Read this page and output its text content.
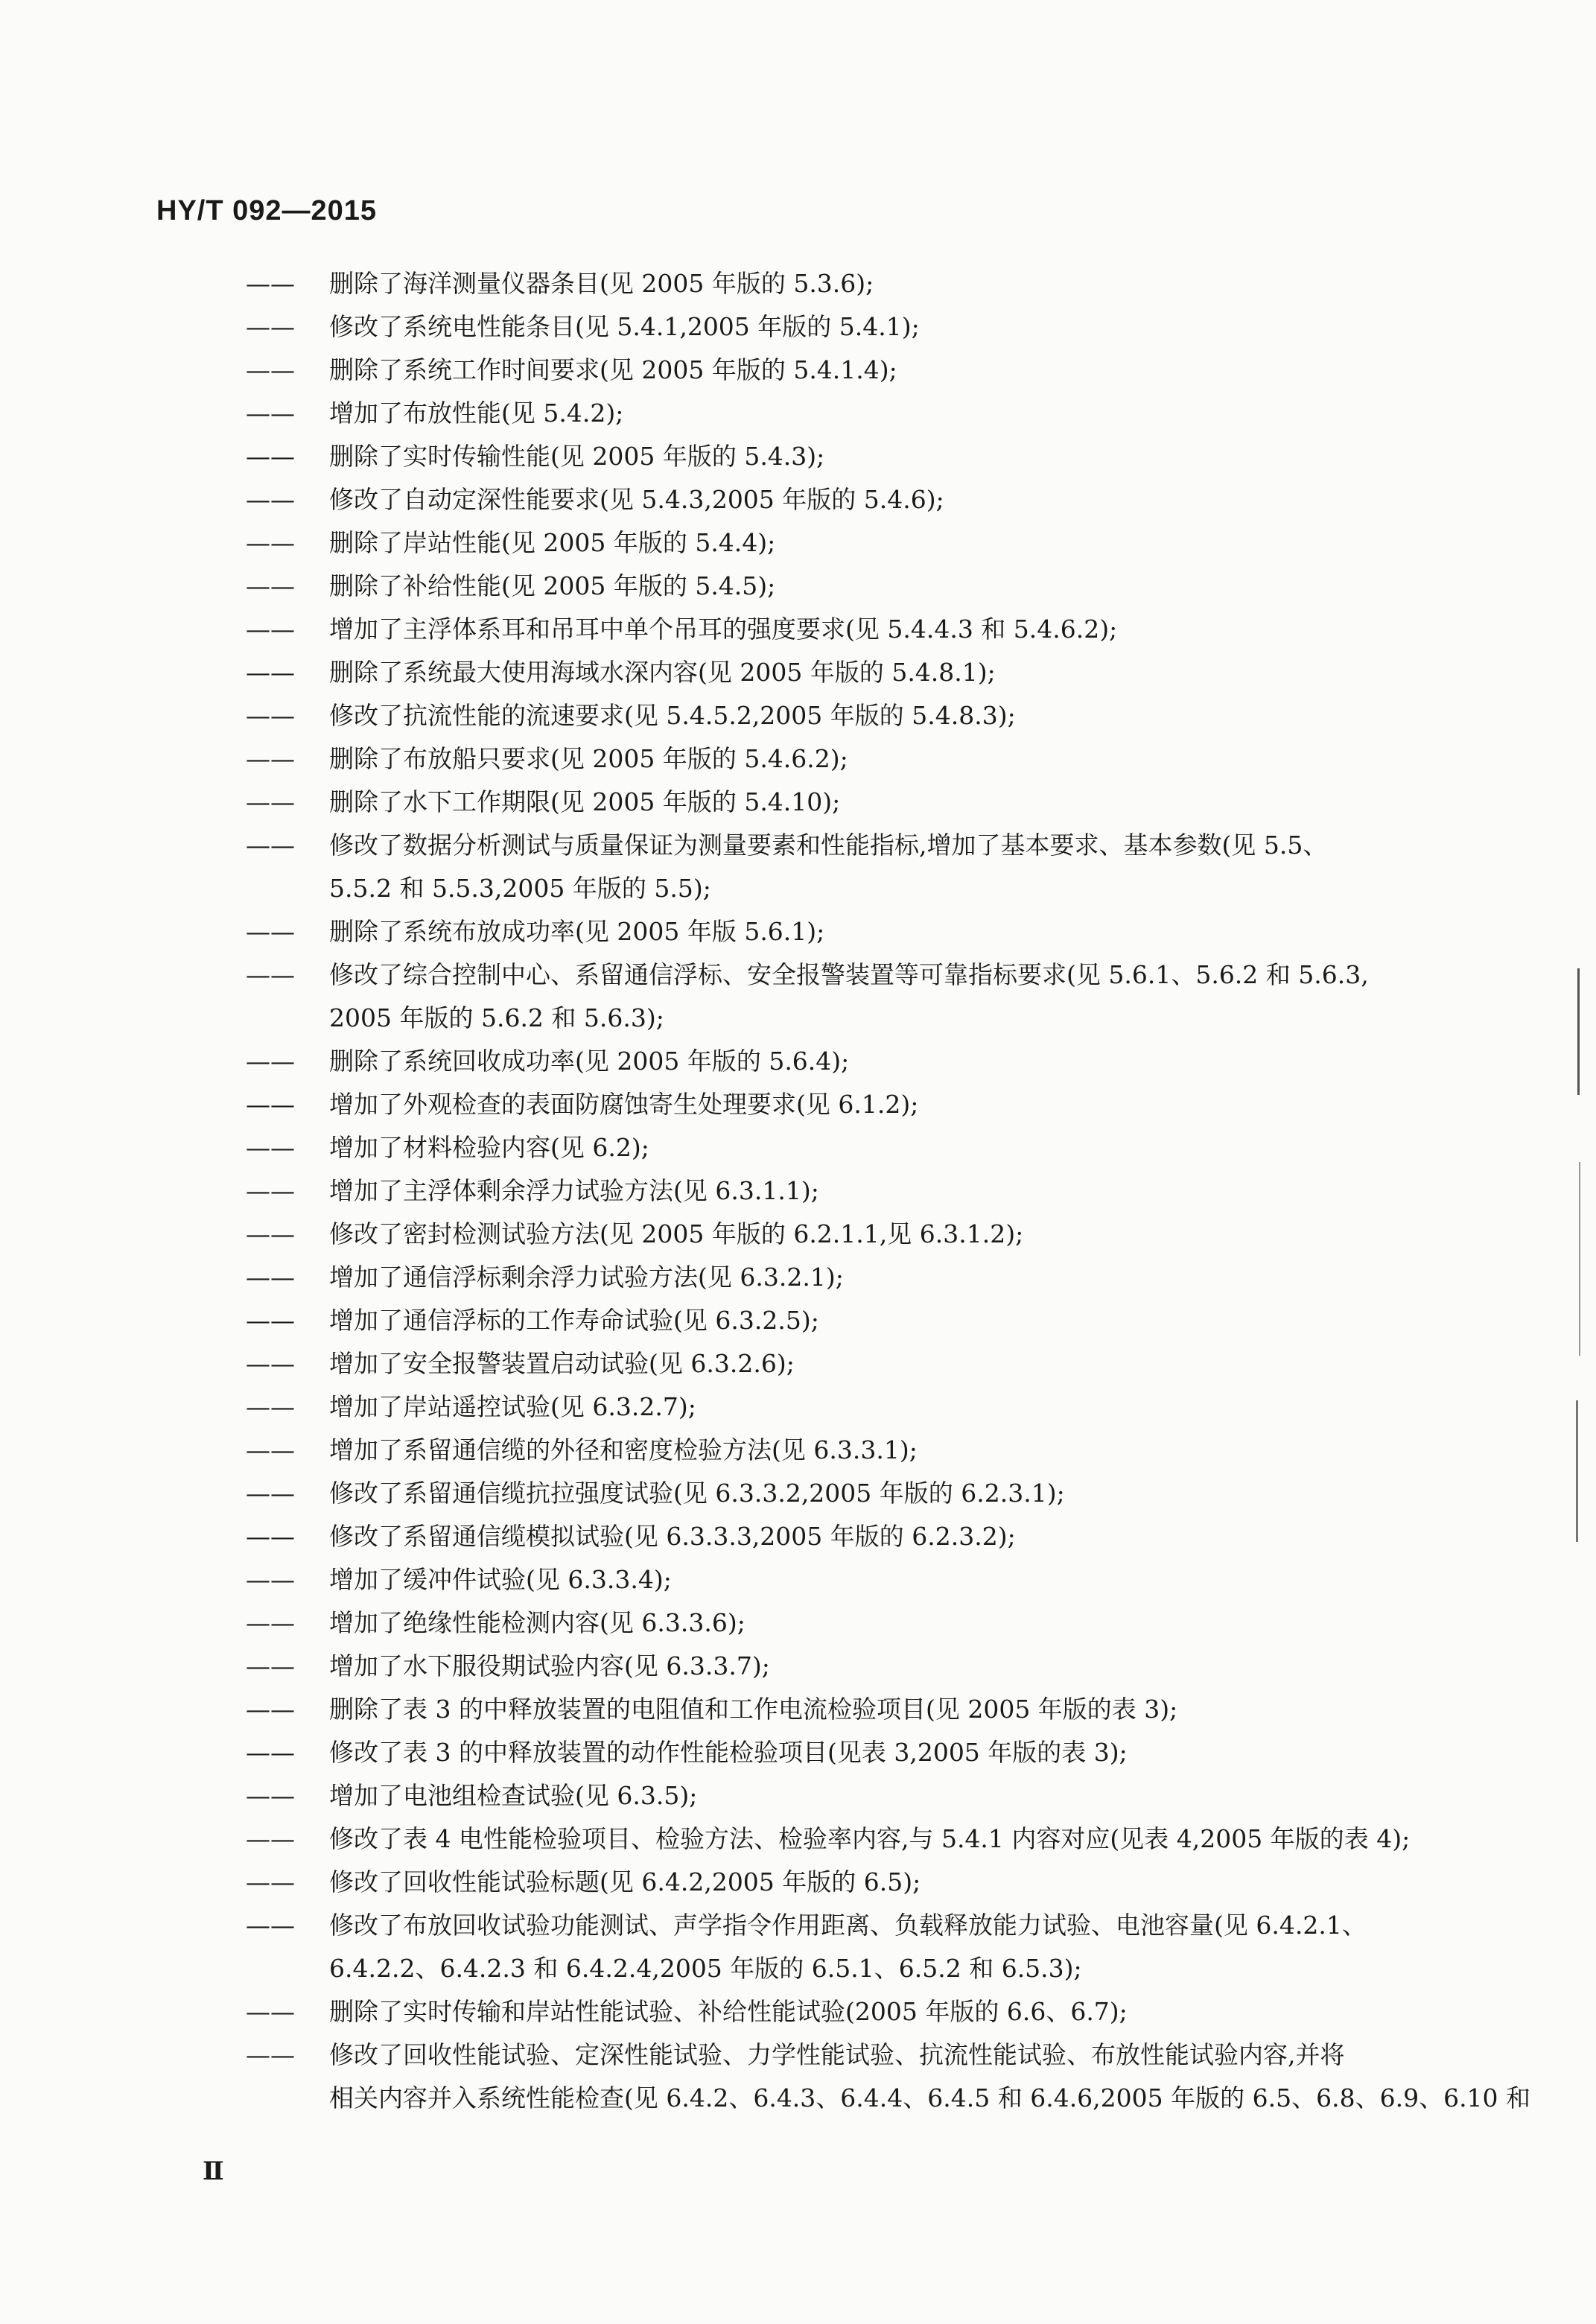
HY/T 092—2015
—— 删除了海洋测量仪器条目(见 2005 年版的 5.3.6);
—— 修改了系统电性能条目(见 5.4.1,2005 年版的 5.4.1);
—— 删除了系统工作时间要求(见 2005 年版的 5.4.1.4);
—— 增加了布放性能(见 5.4.2);
—— 删除了实时传输性能(见 2005 年版的 5.4.3);
—— 修改了自动定深性能要求(见 5.4.3,2005 年版的 5.4.6);
—— 删除了岸站性能(见 2005 年版的 5.4.4);
—— 删除了补给性能(见 2005 年版的 5.4.5);
—— 增加了主浮体系耳和吊耳中单个吊耳的强度要求(见 5.4.4.3 和 5.4.6.2);
—— 删除了系统最大使用海域水深内容(见 2005 年版的 5.4.8.1);
—— 修改了抗流性能的流速要求(见 5.4.5.2,2005 年版的 5.4.8.3);
—— 删除了布放船只要求(见 2005 年版的 5.4.6.2);
—— 删除了水下工作期限(见 2005 年版的 5.4.10);
—— 修改了数据分析测试与质量保证为测量要素和性能指标,增加了基本要求、基本参数(见 5.5、
5.5.2 和 5.5.3,2005 年版的 5.5);
—— 删除了系统布放成功率(见 2005 年版 5.6.1);
—— 修改了综合控制中心、系留通信浮标、安全报警装置等可靠指标要求(见 5.6.1、5.6.2 和 5.6.3,
2005 年版的 5.6.2 和 5.6.3);
—— 删除了系统回收成功率(见 2005 年版的 5.6.4);
—— 增加了外观检查的表面防腐蚀寄生处理要求(见 6.1.2);
—— 增加了材料检验内容(见 6.2);
—— 增加了主浮体剩余浮力试验方法(见 6.3.1.1);
—— 修改了密封检测试验方法(见 2005 年版的 6.2.1.1,见 6.3.1.2);
—— 增加了通信浮标剩余浮力试验方法(见 6.3.2.1);
—— 增加了通信浮标的工作寿命试验(见 6.3.2.5);
—— 增加了安全报警装置启动试验(见 6.3.2.6);
—— 增加了岸站遥控试验(见 6.3.2.7);
—— 增加了系留通信缆的外径和密度检验方法(见 6.3.3.1);
—— 修改了系留通信缆抗拉强度试验(见 6.3.3.2,2005 年版的 6.2.3.1);
—— 修改了系留通信缆模拟试验(见 6.3.3.3,2005 年版的 6.2.3.2);
—— 增加了缓冲件试验(见 6.3.3.4);
—— 增加了绝缘性能检测内容(见 6.3.3.6);
—— 增加了水下服役期试验内容(见 6.3.3.7);
—— 删除了表 3 的中释放装置的电阻值和工作电流检验项目(见 2005 年版的表 3);
—— 修改了表 3 的中释放装置的动作性能检验项目(见表 3,2005 年版的表 3);
—— 增加了电池组检查试验(见 6.3.5);
—— 修改了表 4 电性能检验项目、检验方法、检验率内容,与 5.4.1 内容对应(见表 4,2005 年版的表 4);
—— 修改了回收性能试验标题(见 6.4.2,2005 年版的 6.5);
—— 修改了布放回收试验功能测试、声学指令作用距离、负载释放能力试验、电池容量(见 6.4.2.1、
6.4.2.2、6.4.2.3 和 6.4.2.4,2005 年版的 6.5.1、6.5.2 和 6.5.3);
—— 删除了实时传输和岸站性能试验、补给性能试验(2005 年版的 6.6、6.7);
—— 修改了回收性能试验、定深性能试验、力学性能试验、抗流性能试验、布放性能试验内容,并将
相关内容并入系统性能检查(见 6.4.2、6.4.3、6.4.4、6.4.5 和 6.4.6,2005 年版的 6.5、6.8、6.9、6.10 和
Ⅱ
